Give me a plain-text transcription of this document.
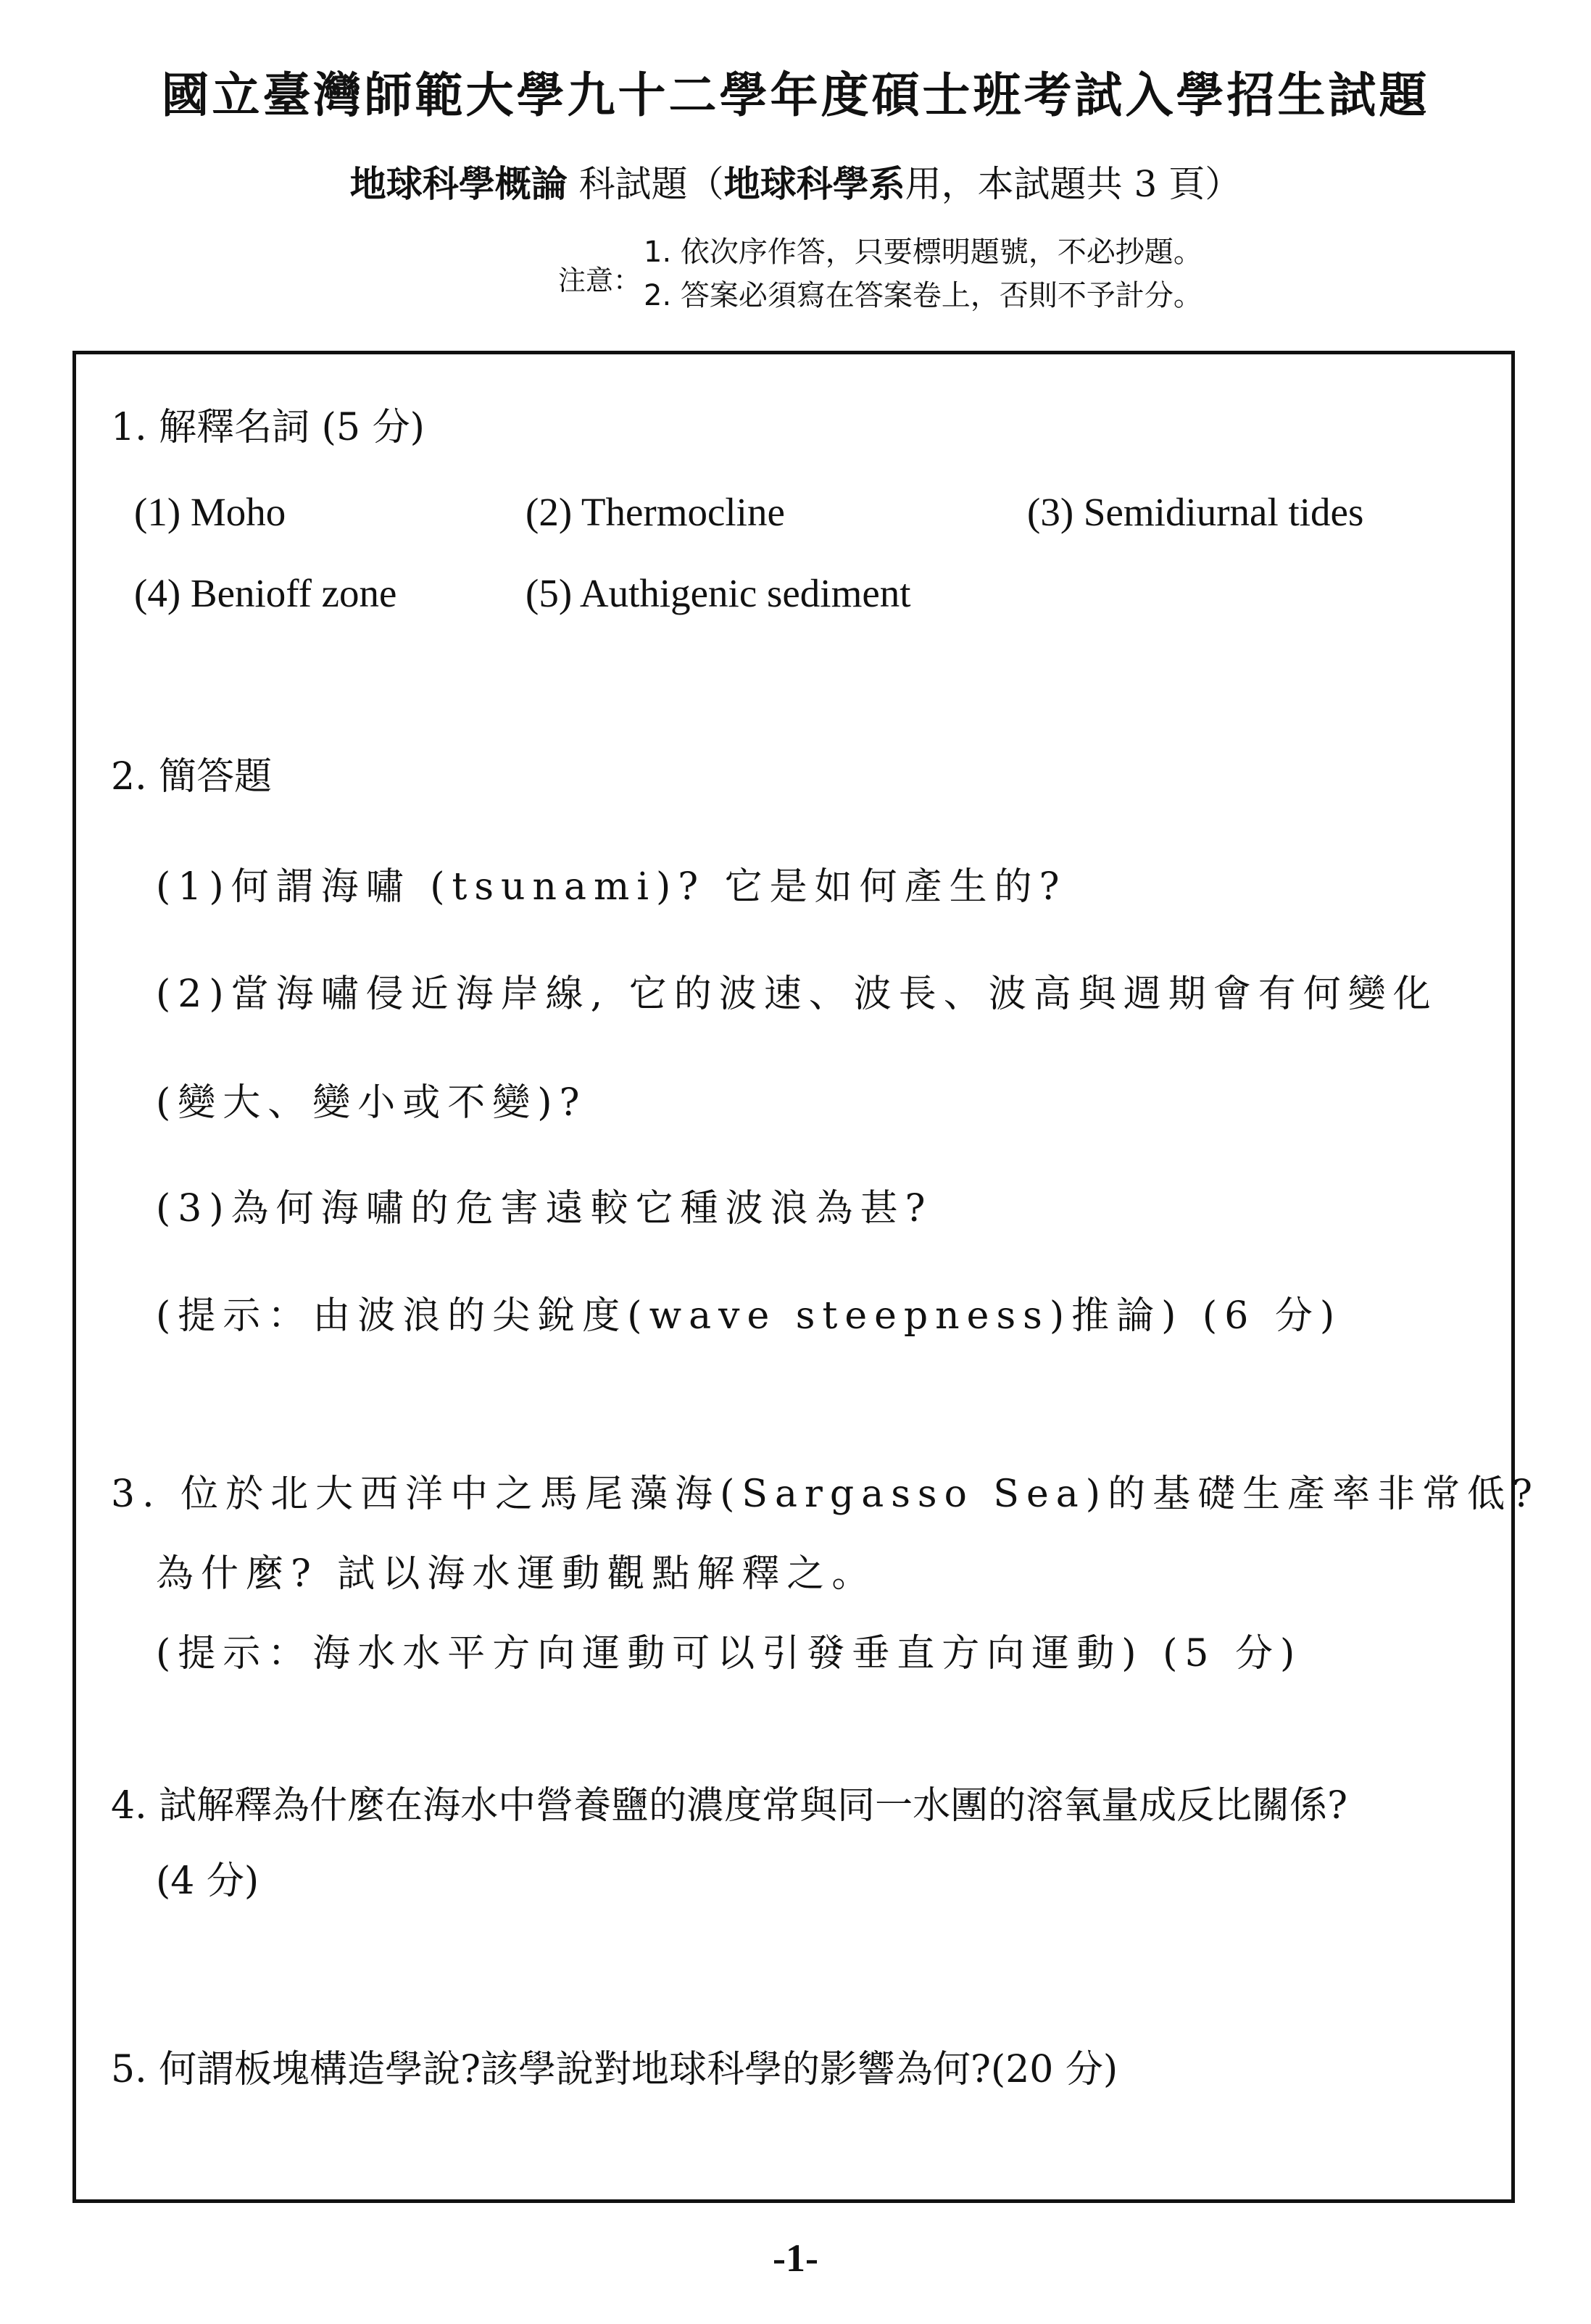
國立臺灣師範大學九十二學年度碩士班考試入學招生試題
地球科學概論 科試題（地球科學系用，本試題共 3 頁）
注意：
1. 依次序作答，只要標明題號，不必抄題。
2. 答案必須寫在答案卷上，否則不予計分。
1. 解釋名詞 (5 分)
(1) Moho	(2) Thermocline	(3) Semidiurnal tides
(4) Benioff zone	(5) Authigenic sediment
2. 簡答題
(1)何謂海嘯 (tsunami)? 它是如何產生的?
(2)當海嘯侵近海岸線, 它的波速、波長、波高與週期會有何變化
(變大、變小或不變)?
(3)為何海嘯的危害遠較它種波浪為甚?
(提示：由波浪的尖銳度(wave steepness)推論) (6 分)
3. 位於北大西洋中之馬尾藻海(Sargasso Sea)的基礎生產率非常低?
為什麼? 試以海水運動觀點解釋之。
(提示：海水水平方向運動可以引發垂直方向運動) (5 分)
4. 試解釋為什麼在海水中營養鹽的濃度常與同一水團的溶氧量成反比關係?
(4 分)
5. 何謂板塊構造學說?該學說對地球科學的影響為何?(20 分)
-1-
